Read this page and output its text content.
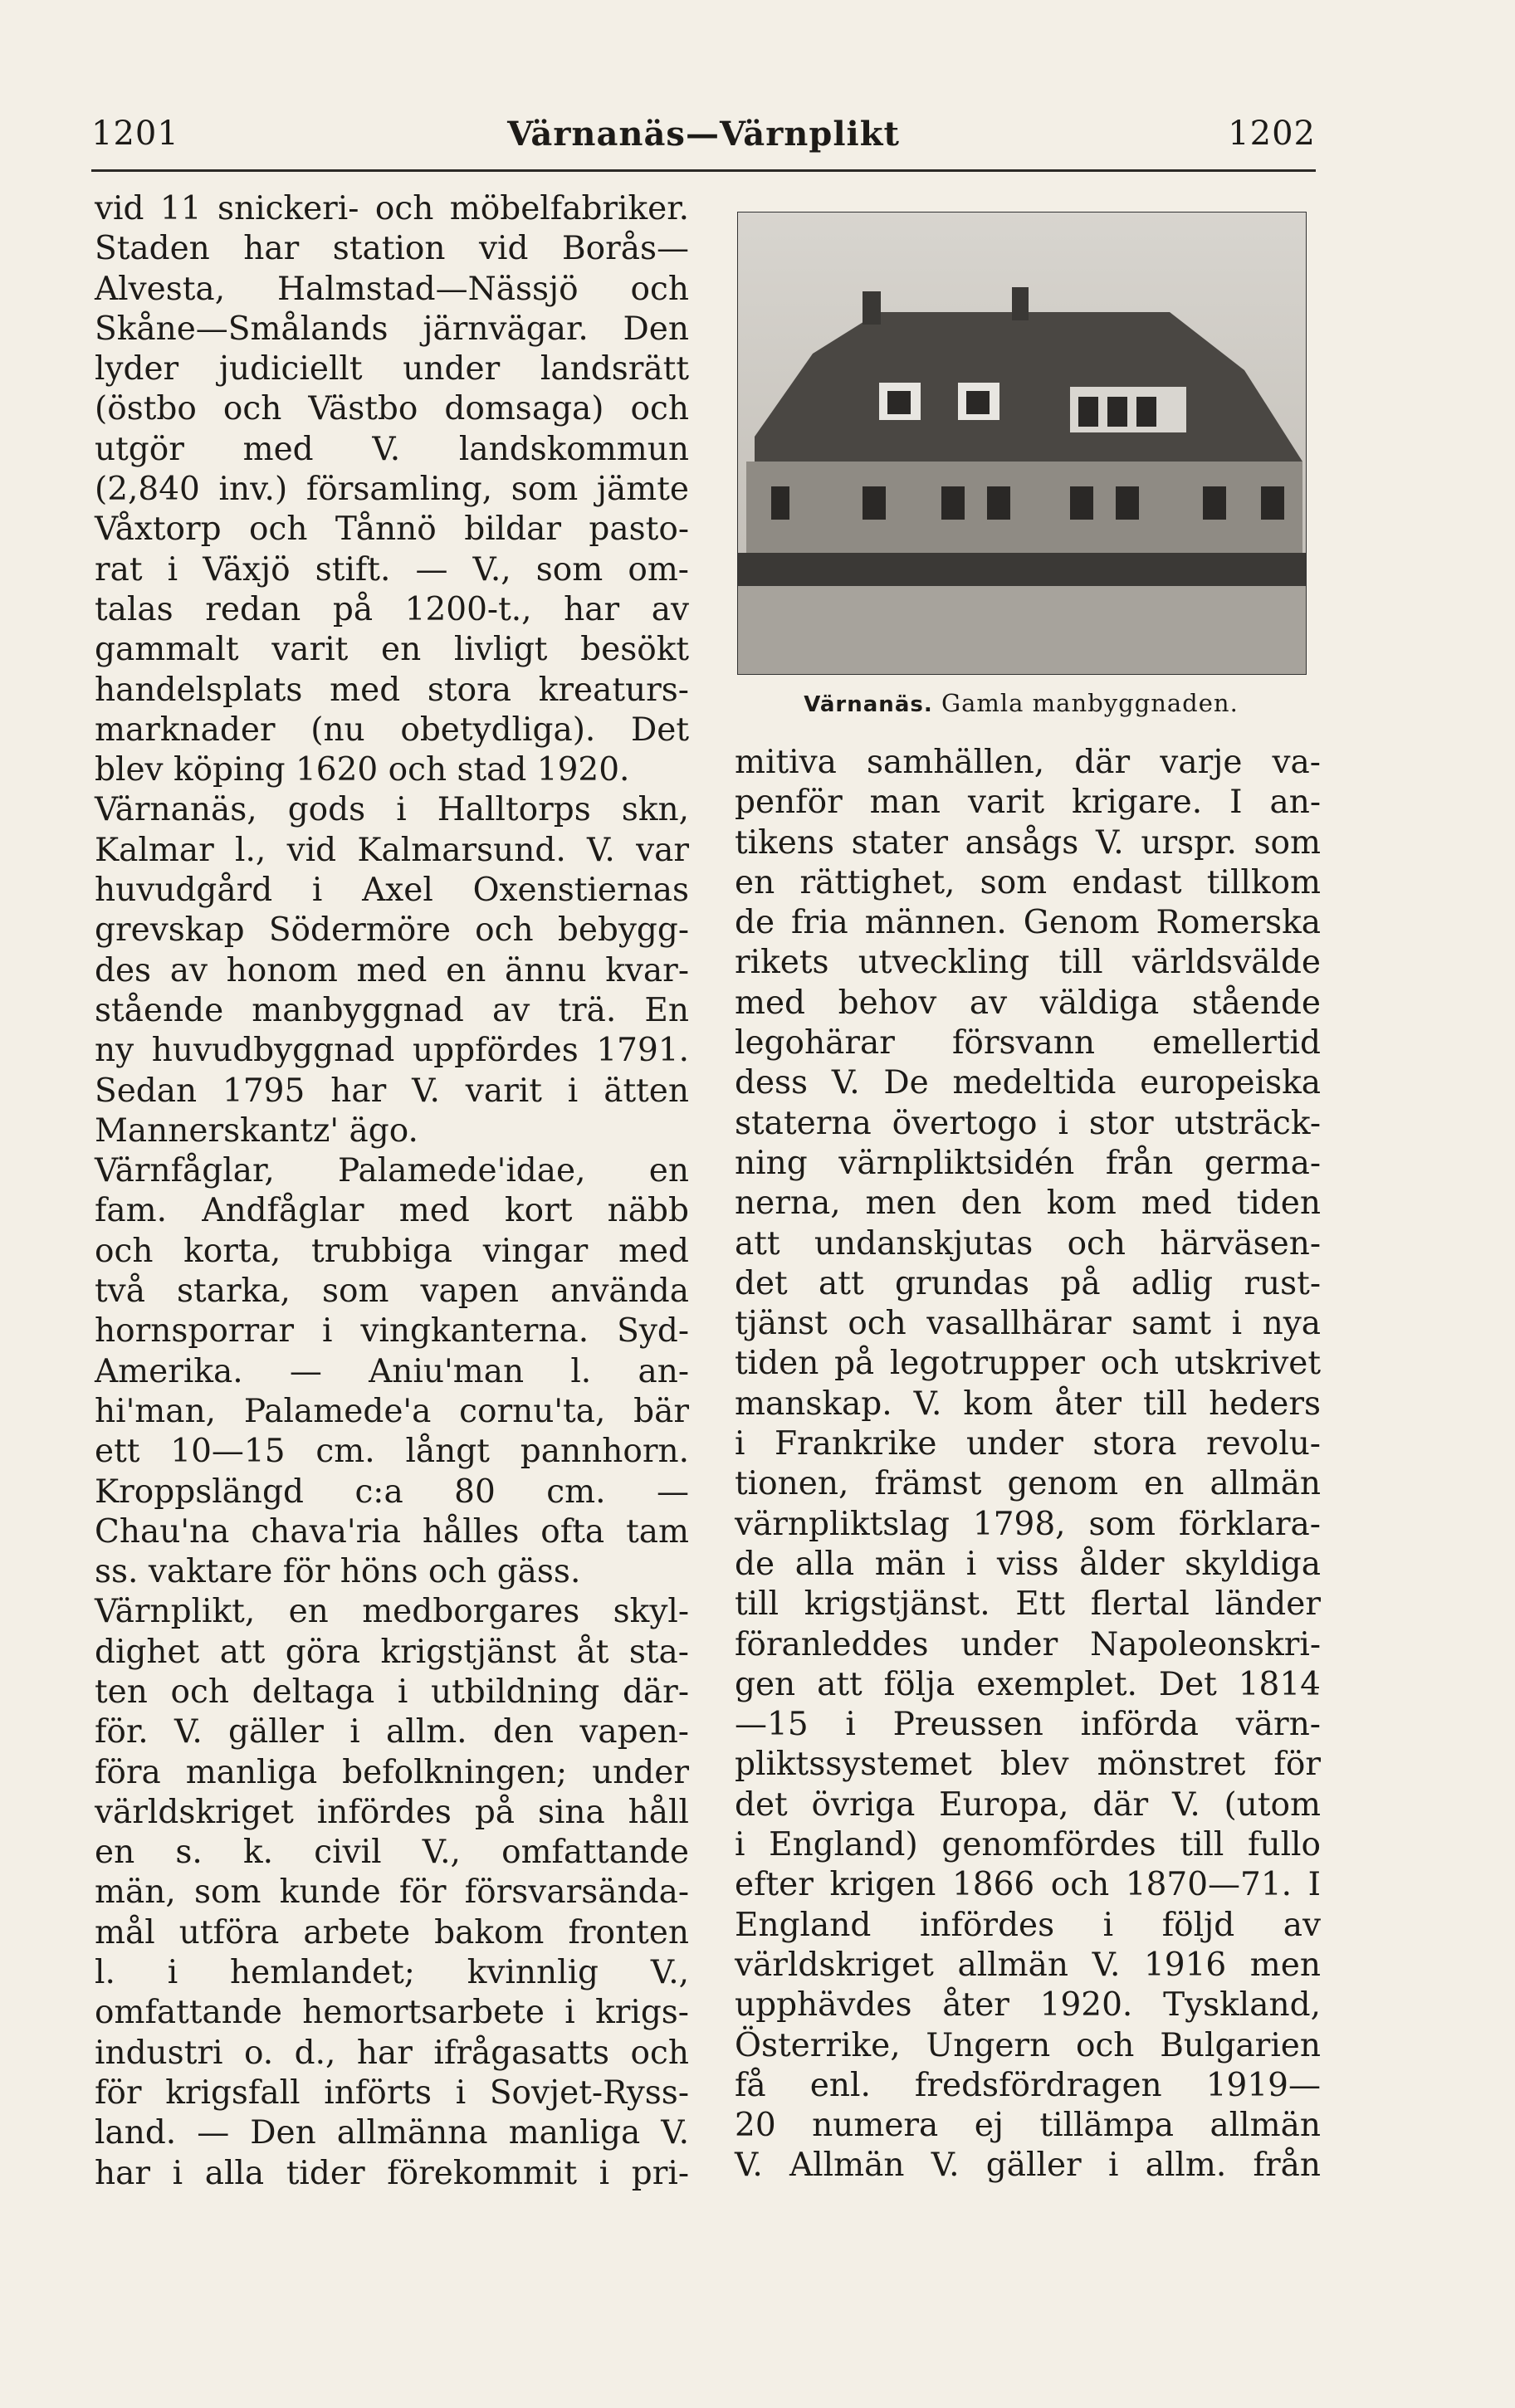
1201	Värnanäs—Värnplikt	1202
vid 11 snickeri- och möbelfabriker.
Staden har station vid Borås—
Alvesta, Halmstad—Nässjö och
Skåne—Smålands järnvägar. Den
lyder judiciellt under landsrätt
(östbo och Västbo domsaga) och
utgör med V. landskommun
(2,840 inv.) församling, som jämte
Våxtorp och Tånnö bildar pasto-
rat i Växjö stift. — V., som om-
talas redan på 1200-t., har av
gammalt varit en livligt besökt
handelsplats med stora kreaturs-
marknader (nu obetydliga). Det
blev köping 1620 och stad 1920.
Värnanäs, gods i Halltorps skn,
Kalmar l., vid Kalmarsund. V. var
huvudgård i Axel Oxenstiernas
grevskap Södermöre och bebygg-
des av honom med en ännu kvar-
stående manbyggnad av trä. En
ny huvudbyggnad uppfördes 1791.
Sedan 1795 har V. varit i ätten
Mannerskantz' ägo.
Värnfåglar, Palamede'idae, en
fam. Andfåglar med kort näbb
och korta, trubbiga vingar med
två starka, som vapen använda
hornsporrar i vingkanterna. Syd-
Amerika. — Aniu'man l. an-
hi'man, Palamede'a cornu'ta, bär
ett 10—15 cm. långt pannhorn.
Kroppslängd c:a 80 cm. —
Chau'na chava'ria hålles ofta tam
ss. vaktare för höns och gäss.
Värnplikt, en medborgares skyl-
dighet att göra krigstjänst åt sta-
ten och deltaga i utbildning där-
för. V. gäller i allm. den vapen-
föra manliga befolkningen; under
världskriget infördes på sina håll
en s. k. civil V., omfattande
män, som kunde för försvarsända-
mål utföra arbete bakom fronten
l. i hemlandet; kvinnlig V.,
omfattande hemortsarbete i krigs-
industri o. d., har ifrågasatts och
för krigsfall införts i Sovjet-Ryss-
land. — Den allmänna manliga V.
har i alla tider förekommit i pri-
Värnanäs. Gamla manbyggnaden.
mitiva samhällen, där varje va-
penför man varit krigare. I an-
tikens stater ansågs V. urspr. som
en rättighet, som endast tillkom
de fria männen. Genom Romerska
rikets utveckling till världsvälde
med behov av väldiga stående
legohärar försvann emellertid
dess V. De medeltida europeiska
staterna övertogo i stor utsträck-
ning värnpliktsidén från germa-
nerna, men den kom med tiden
att undanskjutas och härväsen-
det att grundas på adlig rust-
tjänst och vasallhärar samt i nya
tiden på legotrupper och utskrivet
manskap. V. kom åter till heders
i Frankrike under stora revolu-
tionen, främst genom en allmän
värnpliktslag 1798, som förklara-
de alla män i viss ålder skyldiga
till krigstjänst. Ett flertal länder
föranleddes under Napoleonskri-
gen att följa exemplet. Det 1814
—15 i Preussen införda värn-
pliktssystemet blev mönstret för
det övriga Europa, där V. (utom
i England) genomfördes till fullo
efter krigen 1866 och 1870—71. I
England infördes i följd av
världskriget allmän V. 1916 men
upphävdes åter 1920. Tyskland,
Österrike, Ungern och Bulgarien
få enl. fredsfördragen 1919—
20 numera ej tillämpa allmän
V. Allmän V. gäller i allm. från
